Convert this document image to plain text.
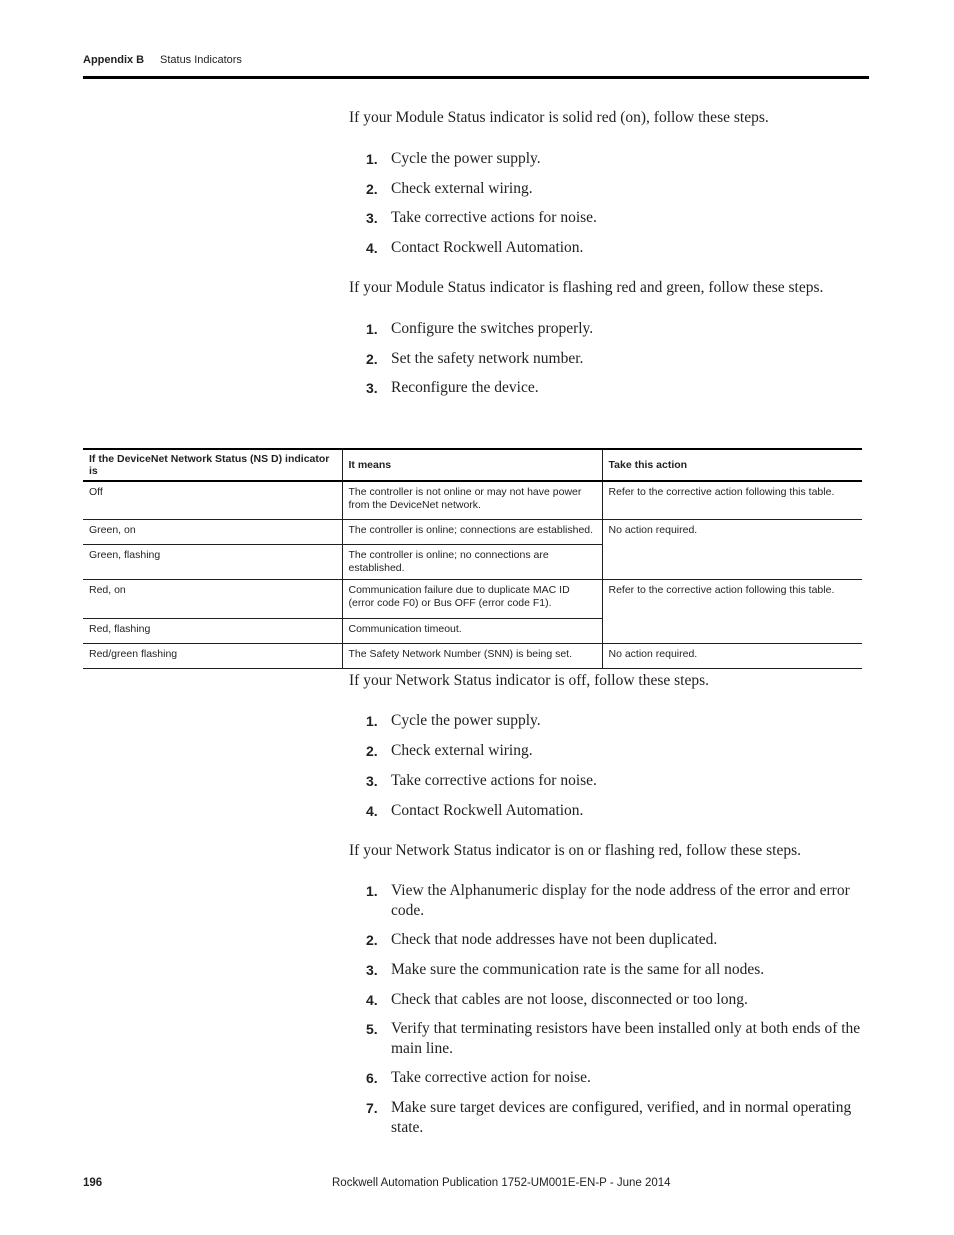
Appendix B Status Indicators

If your Module Status indicator is solid red (on), follow these steps.

1. Cycle the power supply.
2. Check external wiring.
3. Take corrective actions for noise.
4. Contact Rockwell Automation.

If your Module Status indicator is flashing red and green, follow these steps.

1. Configure the switches properly.
2. Set the safety network number.
3. Reconfigure the device.
If the DeviceNet Network Status (NS D) indicator is	It means	Take this action
Off	The controller is not online or may not have power from the DeviceNet network.	Refer to the corrective action following this table.
Green, on	The controller is online; connections are established.	No action required.
Green, flashing	The controller is online; no connections are established.	
Red, on	Communication failure due to duplicate MAC ID (error code F0) or Bus OFF (error code F1).	Refer to the corrective action following this table.
Red, flashing	Communication timeout.	
Red/green flashing	The Safety Network Number (SNN) is being set.	No action required.

If your Network Status indicator is off, follow these steps.

1. Cycle the power supply.
2. Check external wiring.
3. Take corrective actions for noise.
4. Contact Rockwell Automation.

If your Network Status indicator is on or flashing red, follow these steps.

1. View the Alphanumeric display for the node address of the error and error code.
2. Check that node addresses have not been duplicated.
3. Make sure the communication rate is the same for all nodes.
4. Check that cables are not loose, disconnected or too long.
5. Verify that terminating resistors have been installed only at both ends of the main line.
6. Take corrective action for noise.
7. Make sure target devices are configured, verified, and in normal operating state.
196	Rockwell Automation Publication 1752-UM001E-EN-P - June 2014
